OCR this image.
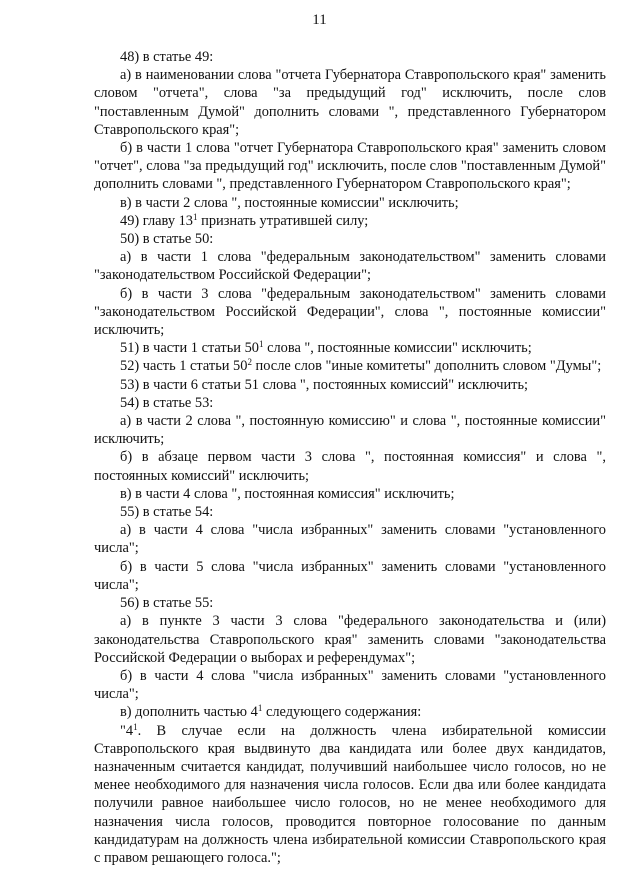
11

48) в статье 49:

а) в наименовании слова "отчета Губернатора Ставропольского края" заменить словом "отчета", слова "за предыдущий год" исключить, после слов "поставленным Думой" дополнить словами ", представленного Губернатором Ставропольского края";

б) в части 1 слова "отчет Губернатора Ставропольского края" заменить словом "отчет", слова "за предыдущий год" исключить, после слов "поставленным Думой" дополнить словами ", представленного Губернатором Ставропольского края";

в) в части 2 слова ", постоянные комиссии" исключить;

49) главу $13^1$ признать утратившей силу;

50) в статье 50:

а) в части 1 слова "федеральным законодательством" заменить словами "законодательством Российской Федерации";

б) в части 3 слова "федеральным законодательством" заменить словами "законодательством Российской Федерации", слова ", постоянные комиссии" исключить;

51) в части 1 статьи $50^1$ слова ", постоянные комиссии" исключить;

52) часть 1 статьи $50^2$ после слов "иные комитеты" дополнить словом "Думы";

53) в части 6 статьи 51 слова ", постоянных комиссий" исключить;

54) в статье 53:

а) в части 2 слова ", постоянную комиссию" и слова ", постоянные комиссии" исключить;

б) в абзаце первом части 3 слова ", постоянная комиссия" и слова ", постоянных комиссий" исключить;

в) в части 4 слова ", постоянная комиссия" исключить;

55) в статье 54:

а) в части 4 слова "числа избранных" заменить словами "установленного числа";

б) в части 5 слова "числа избранных" заменить словами "установленного числа";

56) в статье 55:

а) в пункте 3 части 3 слова "федерального законодательства и (или) законодательства Ставропольского края" заменить словами "законодательства Российской Федерации о выборах и референдумах";

б) в части 4 слова "числа избранных" заменить словами "установленного числа";

в) дополнить частью $4^1$ следующего содержания:

"$4^1$. В случае если на должность члена избирательной комиссии Ставропольского края выдвинуто два кандидата или более двух кандидатов, назначенным считается кандидат, получивший наибольшее число голосов, но не менее необходимого для назначения числа голосов. Если два или более кандидата получили равное наибольшее число голосов, но не менее необходимого для назначения числа голосов, проводится повторное голосование по данным кандидатурам на должность члена избирательной комиссии Ставропольского края с правом решающего голоса.";
